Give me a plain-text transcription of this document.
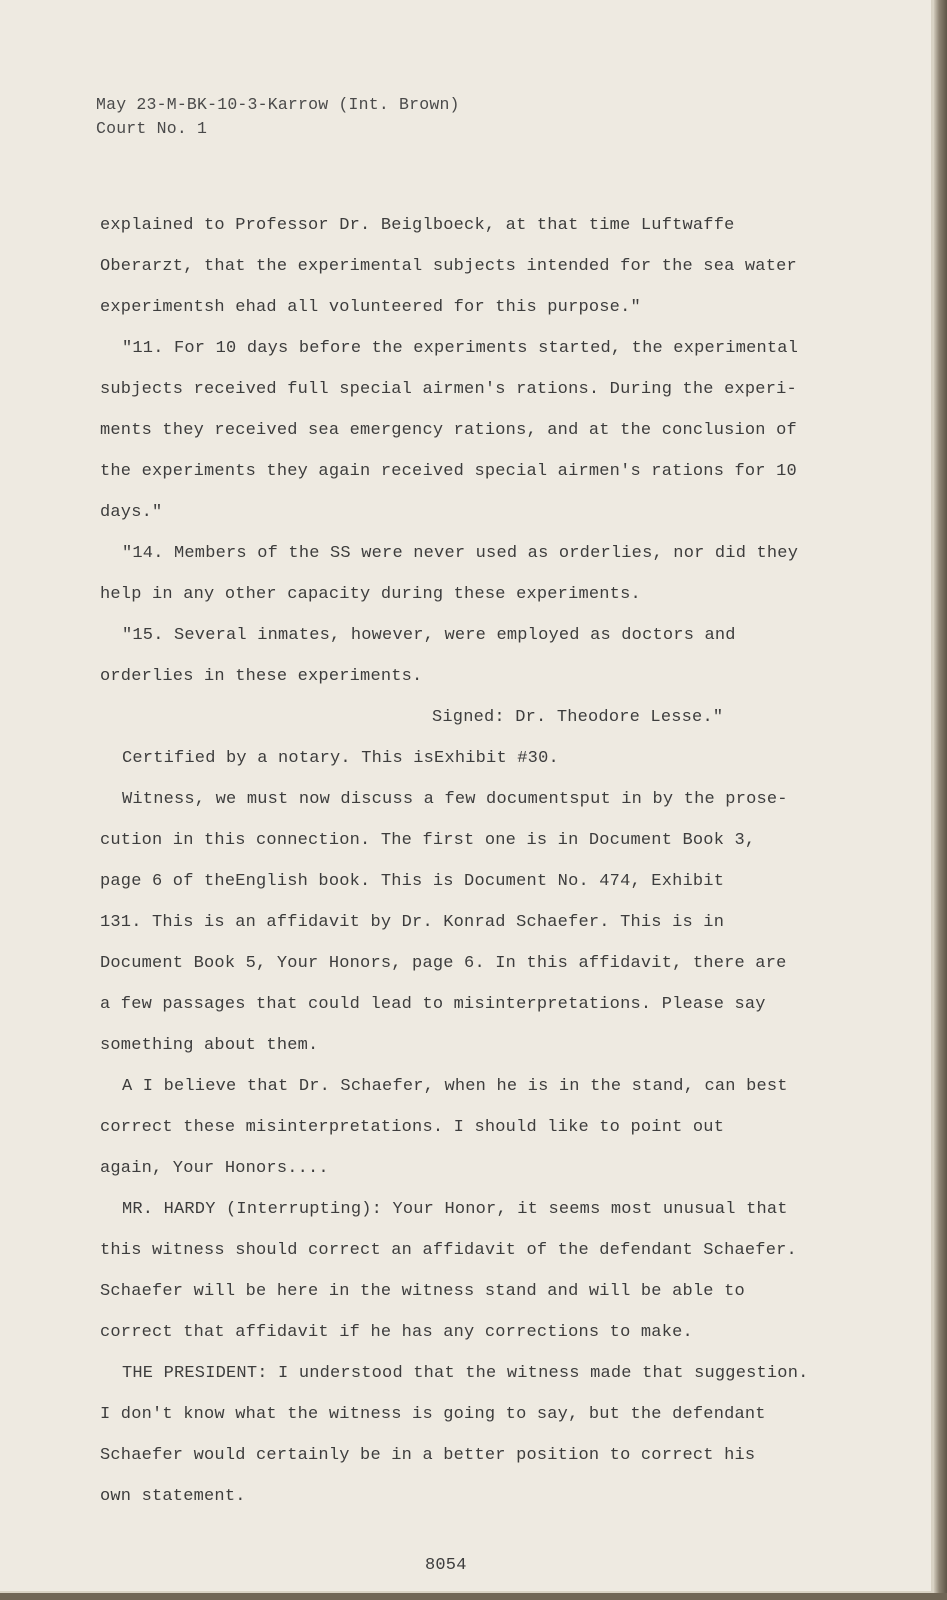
May 23-M-BK-10-3-Karrow (Int. Brown)

Court No. 1

explained to Professor Dr. Beiglboeck, at that time Luftwaffe

Oberarzt, that the experimental subjects intended for the sea water

experimentsh ehad all volunteered for this purpose."

"11. For 10 days before the experiments started, the experimental

subjects received full special airmen's rations. During the experi-

ments they received sea emergency rations, and at the conclusion of

the experiments they again received special airmen's rations for 10

days."

"14. Members of the SS were never used as orderlies, nor did they

help in any other capacity during these experiments.

"15. Several inmates, however, were employed as doctors and

orderlies in these experiments.

Signed: Dr. Theodore Lesse."

Certified by a notary. This isExhibit #30.

Witness, we must now discuss a few documentsput in by the prose-

cution in this connection. The first one is in Document Book 3,

page 6 of theEnglish book. This is Document No. 474, Exhibit

131. This is an affidavit by Dr. Konrad Schaefer. This is in

Document Book 5, Your Honors, page 6. In this affidavit, there are

a few passages that could lead to misinterpretations. Please say

something about them.

A I believe that Dr. Schaefer, when he is in the stand, can best

correct these misinterpretations. I should like to point out

again, Your Honors....

MR. HARDY (Interrupting): Your Honor, it seems most unusual that

this witness should correct an affidavit of the defendant Schaefer.

Schaefer will be here in the witness stand and will be able to

correct that affidavit if he has any corrections to make.

THE PRESIDENT: I understood that the witness made that suggestion.

I don't know what the witness is going to say, but the defendant

Schaefer would certainly be in a better position to correct his

own statement.

8054
